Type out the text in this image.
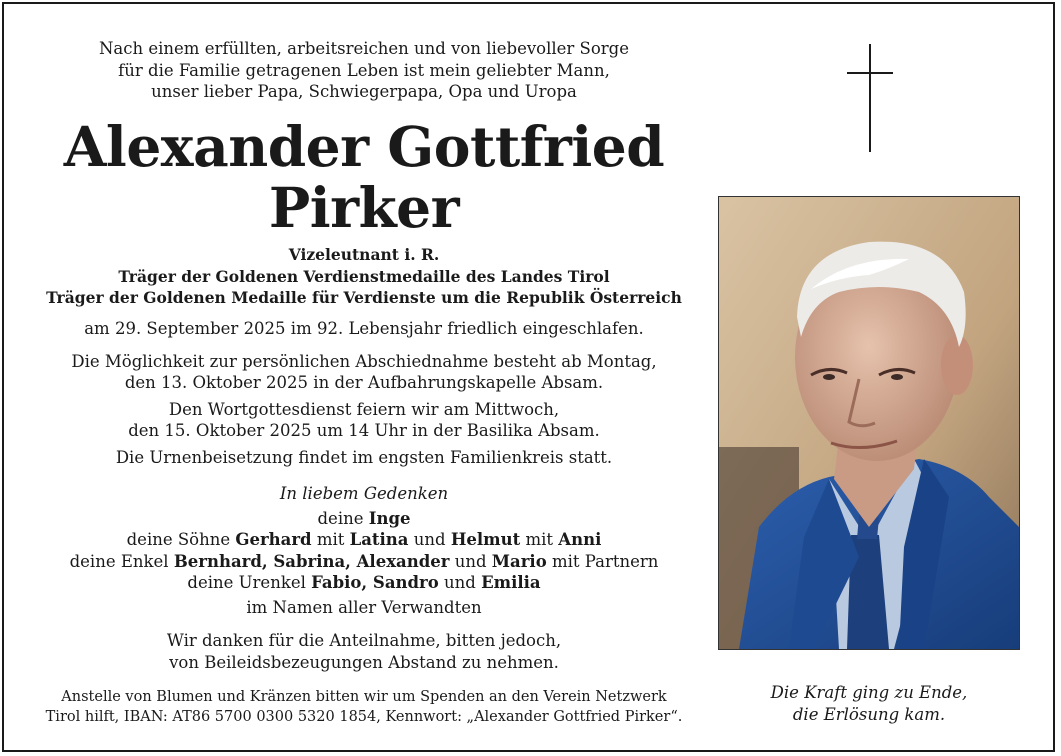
Nach einem erfüllten, arbeitsreichen und von liebevoller Sorge
für die Familie getragenen Leben ist mein geliebter Mann,
unser lieber Papa, Schwiegerpapa, Opa und Uropa
Alexander Gottfried
Pirker
Vizeleutnant i. R.
Träger der Goldenen Verdienstmedaille des Landes Tirol
Träger der Goldenen Medaille für Verdienste um die Republik Österreich
am 29. September 2025 im 92. Lebensjahr friedlich eingeschlafen.

Die Möglichkeit zur persönlichen Abschiednahme besteht ab Montag,
den 13. Oktober 2025 in der Aufbahrungskapelle Absam.

Den Wortgottesdienst feiern wir am Mittwoch,
den 15. Oktober 2025 um 14 Uhr in der Basilika Absam.

Die Urnenbeisetzung findet im engsten Familienkreis statt.

In liebem Gedenken
deine Inge
deine Söhne Gerhard mit Latina und Helmut mit Anni
deine Enkel Bernhard, Sabrina, Alexander und Mario mit Partnern
deine Urenkel Fabio, Sandro und Emilia
im Namen aller Verwandten
Wir danken für die Anteilnahme, bitten jedoch,
von Beileidsbezeugungen Abstand zu nehmen.
Anstelle von Blumen und Kränzen bitten wir um Spenden an den Verein Netzwerk
Tirol hilft, IBAN: AT86 5700 0300 5320 1854, Kennwort: „Alexander Gottfried Pirker“.
Die Kraft ging zu Ende,
die Erlösung kam.
